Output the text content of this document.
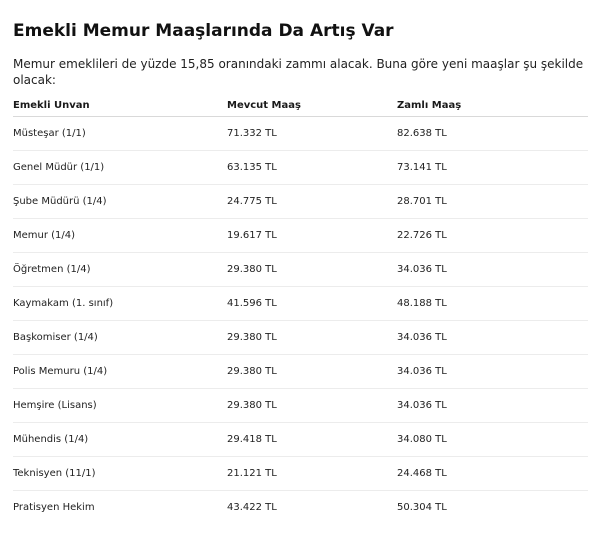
Emekli Memur Maaşlarında Da Artış Var

Memur emeklileri de yüzde 15,85 oranındaki zammı alacak. Buna göre yeni maaşlar şu şekilde olacak:

Emekli Unvan	Mevcut Maaş	Zamlı Maaş
Müsteşar (1/1)	71.332 TL	82.638 TL
Genel Müdür (1/1)	63.135 TL	73.141 TL
Şube Müdürü (1/4)	24.775 TL	28.701 TL
Memur (1/4)	19.617 TL	22.726 TL
Öğretmen (1/4)	29.380 TL	34.036 TL
Kaymakam (1. sınıf)	41.596 TL	48.188 TL
Başkomiser (1/4)	29.380 TL	34.036 TL
Polis Memuru (1/4)	29.380 TL	34.036 TL
Hemşire (Lisans)	29.380 TL	34.036 TL
Mühendis (1/4)	29.418 TL	34.080 TL
Teknisyen (11/1)	21.121 TL	24.468 TL
Pratisyen Hekim	43.422 TL	50.304 TL
